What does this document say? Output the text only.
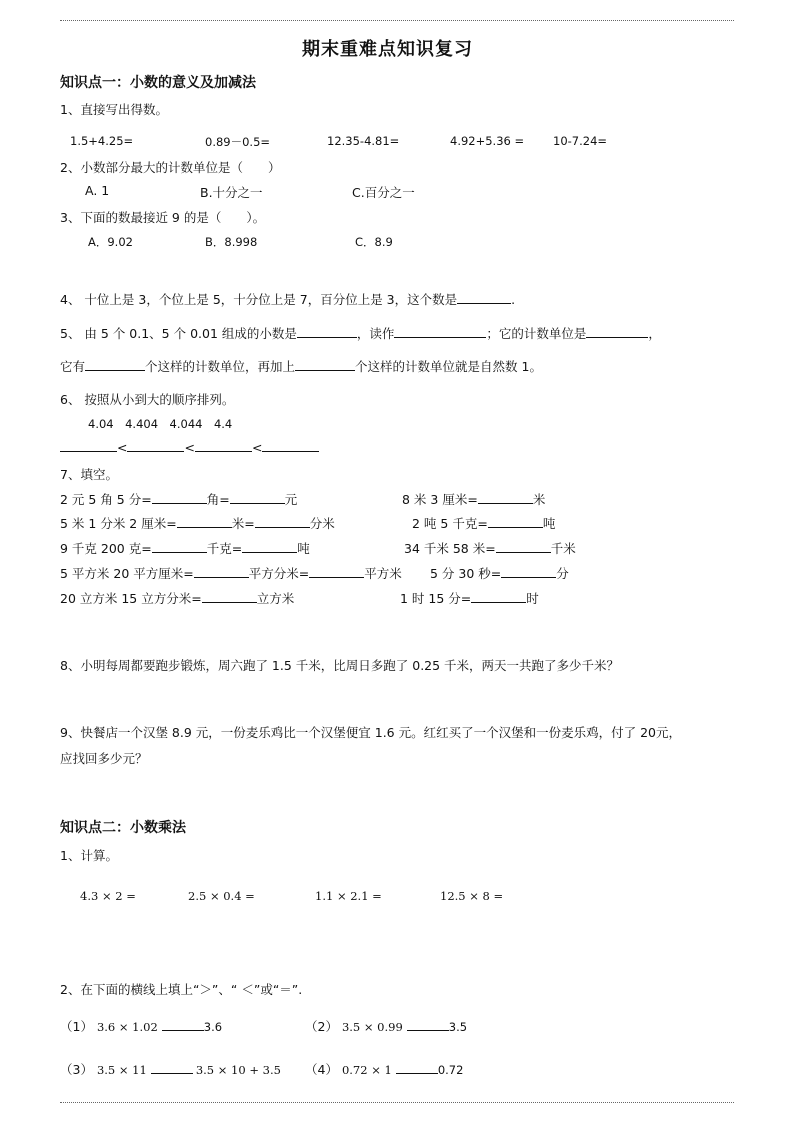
期末重难点知识复习
知识点一：小数的意义及加减法
1、直接写出得数。
1.5+4.25=	0.89－0.5=	12.35-4.81=	4.92+5.36 =	10-7.24=
2、小数部分最大的计数单位是（　　）
A. 1	B.十分之一	C.百分之一
3、下面的数最接近 9 的是（　　）。
A．9.02	B．8.998	C．8.9
4、 十位上是 3，个位上是 5，十分位上是 7，百分位上是 3，这个数是	.
5、 由 5 个 0.1、5 个 0.01 组成的小数是	，读作	；它的计数单位是	，
它有	个这样的计数单位，再加上	个这样的计数单位就是自然数 1。
6、 按照从小到大的顺序排列。
4.04　4.404　4.044　4.4
<	<	<
7、填空。
2 元 5 角 5 分=	角=	元	8 米 3 厘米=	米
5 米 1 分米 2 厘米=	米=	分米	2 吨 5 千克=	吨
9 千克 200 克=	千克=	吨	34 千米 58 米=	千米
5 平方米 20 平方厘米=	平方分米=	平方米 5 分 30 秒=	分
20 立方米 15 立方分米=	立方米	1 时 15 分=	时
8、小明每周都要跑步锻炼，周六跑了 1.5 千米，比周日多跑了 0.25 千米，两天一共跑了多少千米？
9、快餐店一个汉堡 8.9 元，一份麦乐鸡比一个汉堡便宜 1.6 元。红红买了一个汉堡和一份麦乐鸡，付了 20元，
应找回多少元？
知识点二：小数乘法
1、计算。
4.3 × 2 =	2.5 × 0.4 =	1.1 × 2.1 =	12.5 × 8 =
2、在下面的横线上填上“＞”、“ ＜”或“＝”.
（1） 3.6 × 1.02	3.6	（2） 3.5 × 0.99	3.5
（3） 3.5 × 11	3.5 × 10 + 3.5 （4） 0.72 × 1	0.72
